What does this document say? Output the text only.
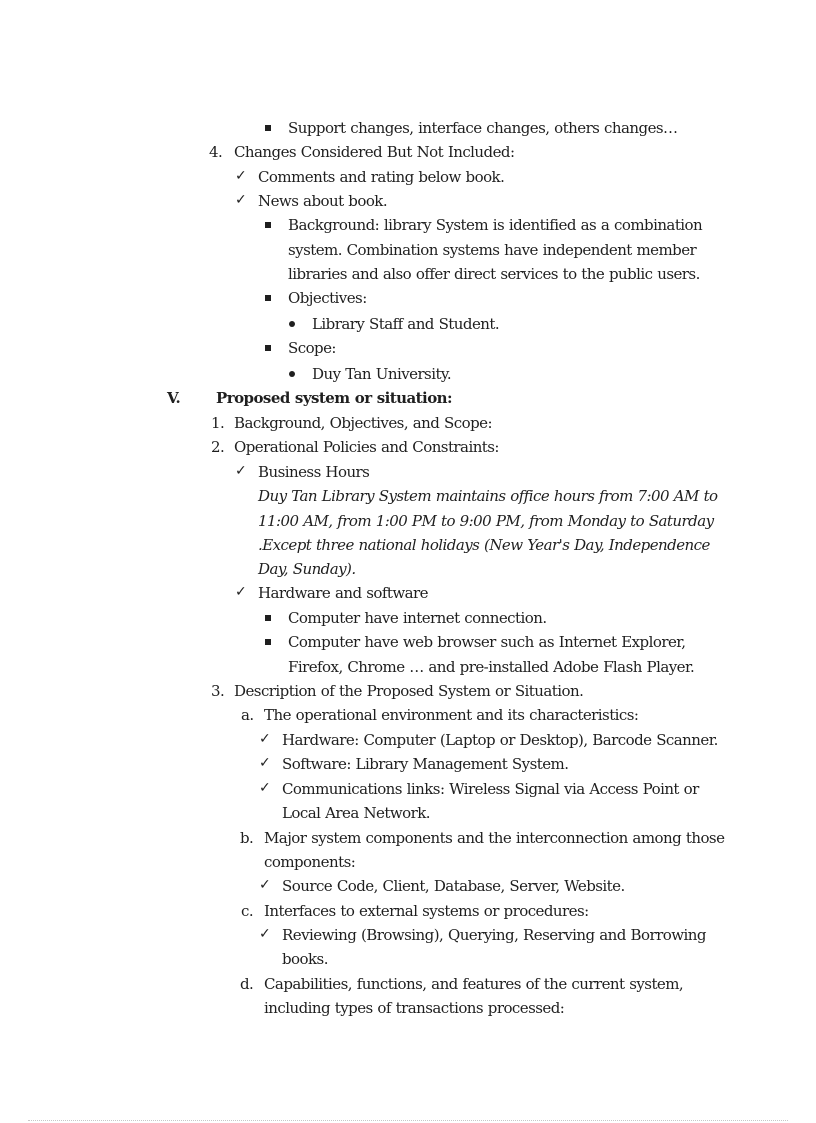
Support changes, interface changes, others changes…
4. Changes Considered But Not Included:
✓ Comments and rating below book.
✓ News about book.
Background: library System is identified as a combination
system. Combination systems have independent member
libraries and also offer direct services to the public users.
Objectives:
Library Staff and Student.
Scope:
Duy Tan University.
V. Proposed system or situation:
1. Background, Objectives, and Scope:
2. Operational Policies and Constraints:
✓ Business Hours
Duy Tan Library System maintains office hours from 7:00 AM to
11:00 AM, from 1:00 PM to 9:00 PM, from Monday to Saturday
.Except three national holidays (New Year's Day, Independence
Day, Sunday).
✓ Hardware and software
Computer have internet connection.
Computer have web browser such as Internet Explorer,
Firefox, Chrome … and pre-installed Adobe Flash Player.
3. Description of the Proposed System or Situation.
a. The operational environment and its characteristics:
✓ Hardware: Computer (Laptop or Desktop), Barcode Scanner.
✓ Software: Library Management System.
✓ Communications links: Wireless Signal via Access Point or
Local Area Network.
b. Major system components and the interconnection among those
components:
✓ Source Code, Client, Database, Server, Website.
c. Interfaces to external systems or procedures:
✓ Reviewing (Browsing), Querying, Reserving and Borrowing
books.
d. Capabilities, functions, and features of the current system,
including types of transactions processed:
